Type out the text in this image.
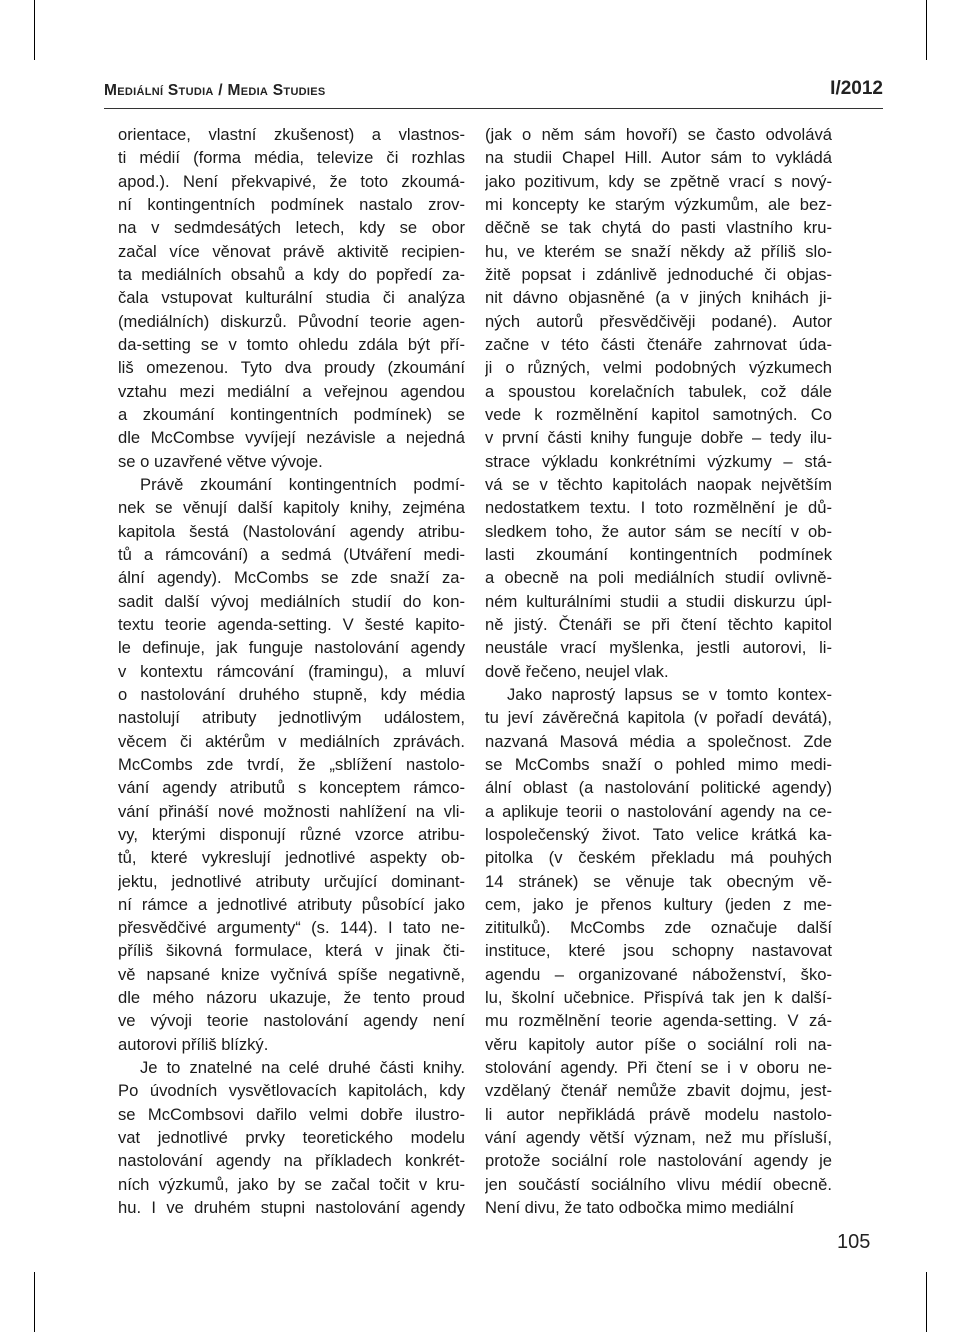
Mediální Studia / Media Studies	I/2012
orientace, vlastní zkušenost) a vlastnos-
ti médií (forma média, televize či rozhlas
apod.). Není překvapivé, že toto zkoumá-
ní kontingentních podmínek nastalo zrov-
na v sedmdesátých letech, kdy se obor
začal více věnovat právě aktivitě recipien-
ta mediálních obsahů a kdy do popředí za-
čala vstupovat kulturální studia či analýza
(mediálních) diskurzů. Původní teorie agen-
da-setting se v tomto ohledu zdála být pří-
liš omezenou. Tyto dva proudy (zkoumání
vztahu mezi mediální a veřejnou agendou
a zkoumání kontingentních podmínek) se
dle McCombse vyvíjejí nezávisle a nejedná
se o uzavřené větve vývoje.
Právě zkoumání kontingentních podmí-
nek se věnují další kapitoly knihy, zejména
kapitola šestá (Nastolování agendy atribu-
tů a rámcování) a sedmá (Utváření medi-
ální agendy). McCombs se zde snaží za-
sadit další vývoj mediálních studií do kon-
textu teorie agenda-setting. V šesté kapito-
le definuje, jak funguje nastolování agendy
v kontextu rámcování (framingu), a mluví
o nastolování druhého stupně, kdy média
nastolují atributy jednotlivým událostem,
věcem či aktérům v mediálních zprávách.
McCombs zde tvrdí, že „sblížení nastolo-
vání agendy atributů s konceptem rámco-
vání přináší nové možnosti nahlížení na vli-
vy, kterými disponují různé vzorce atribu-
tů, které vykreslují jednotlivé aspekty ob-
jektu, jednotlivé atributy určující dominant-
ní rámce a jednotlivé atributy působící jako
přesvědčivé argumenty“ (s. 144). I tato ne-
příliš šikovná formulace, která v jinak čti-
vě napsané knize vyčnívá spíše negativně,
dle mého názoru ukazuje, že tento proud
ve vývoji teorie nastolování agendy není
autorovi příliš blízký.
Je to znatelné na celé druhé části knihy.
Po úvodních vysvětlovacích kapitolách, kdy
se McCombsovi dařilo velmi dobře ilustro-
vat jednotlivé prvky teoretického modelu
nastolování agendy na příkladech konkrét-
ních výzkumů, jako by se začal točit v kru-
hu. I ve druhém stupni nastolování agendy
(jak o něm sám hovoří) se často odvolává
na studii Chapel Hill. Autor sám to vykládá
jako pozitivum, kdy se zpětně vrací s nový-
mi koncepty ke starým výzkumům, ale bez-
děčně se tak chytá do pasti vlastního kru-
hu, ve kterém se snaží někdy až příliš slo-
žitě popsat i zdánlivě jednoduché či objas-
nit dávno objasněné (a v jiných knihách ji-
ných autorů přesvědčivěji podané). Autor
začne v této části čtenáře zahrnovat úda-
ji o různých, velmi podobných výzkumech
a spoustou korelačních tabulek, což dále
vede k rozmělnění kapitol samotných. Co
v první části knihy funguje dobře – tedy ilu-
strace výkladu konkrétními výzkumy – stá-
vá se v těchto kapitolách naopak největším
nedostatkem textu. I toto rozmělnění je dů-
sledkem toho, že autor sám se necítí v ob-
lasti zkoumání kontingentních podmínek
a obecně na poli mediálních studií ovlivně-
ném kulturálními studii a studii diskurzu úpl-
ně jistý. Čtenáři se při čtení těchto kapitol
neustále vrací myšlenka, jestli autorovi, li-
dově řečeno, neujel vlak.
Jako naprostý lapsus se v tomto kontex-
tu jeví závěrečná kapitola (v pořadí devátá),
nazvaná Masová média a společnost. Zde
se McCombs snaží o pohled mimo medi-
ální oblast (a nastolování politické agendy)
a aplikuje teorii o nastolování agendy na ce-
lospolečenský život. Tato velice krátká ka-
pitolka (v českém překladu má pouhých
14 stránek) se věnuje tak obecným vě-
cem, jako je přenos kultury (jeden z me-
zititulků). McCombs zde označuje další
instituce, které jsou schopny nastavovat
agendu – organizované náboženství, ško-
lu, školní učebnice. Přispívá tak jen k další-
mu rozmělnění teorie agenda-setting. V zá-
věru kapitoly autor píše o sociální roli na-
stolování agendy. Při čtení se i v oboru ne-
vzdělaný čtenář nemůže zbavit dojmu, jest-
li autor nepřikládá právě modelu nastolo-
vání agendy větší význam, než mu přísluší,
protože sociální role nastolování agendy je
jen součástí sociálního vlivu médií obecně.
Není divu, že tato odbočka mimo mediální
105
